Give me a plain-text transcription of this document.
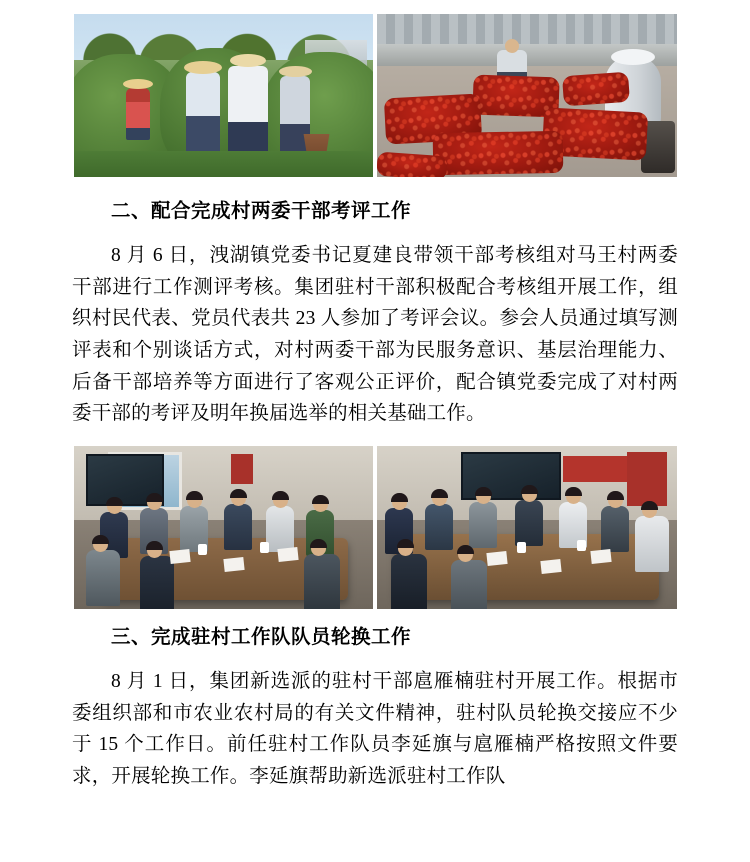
二、配合完成村两委干部考评工作

8 月 6 日，洩湖镇党委书记夏建良带领干部考核组对马王村两委干部进行工作测评考核。集团驻村干部积极配合考核组开展工作，组织村民代表、党员代表共 23 人参加了考评会议。参会人员通过填写测评表和个别谈话方式，对村两委干部为民服务意识、基层治理能力、后备干部培养等方面进行了客观公正评价，配合镇党委完成了对村两委干部的考评及明年换届选举的相关基础工作。

三、完成驻村工作队队员轮换工作

8 月 1 日，集团新选派的驻村干部扈雁楠驻村开展工作。根据市委组织部和市农业农村局的有关文件精神，驻村队员轮换交接应不少于 15 个工作日。前任驻村工作队员李延旗与扈雁楠严格按照文件要求，开展轮换工作。李延旗帮助新选派驻村工作队
